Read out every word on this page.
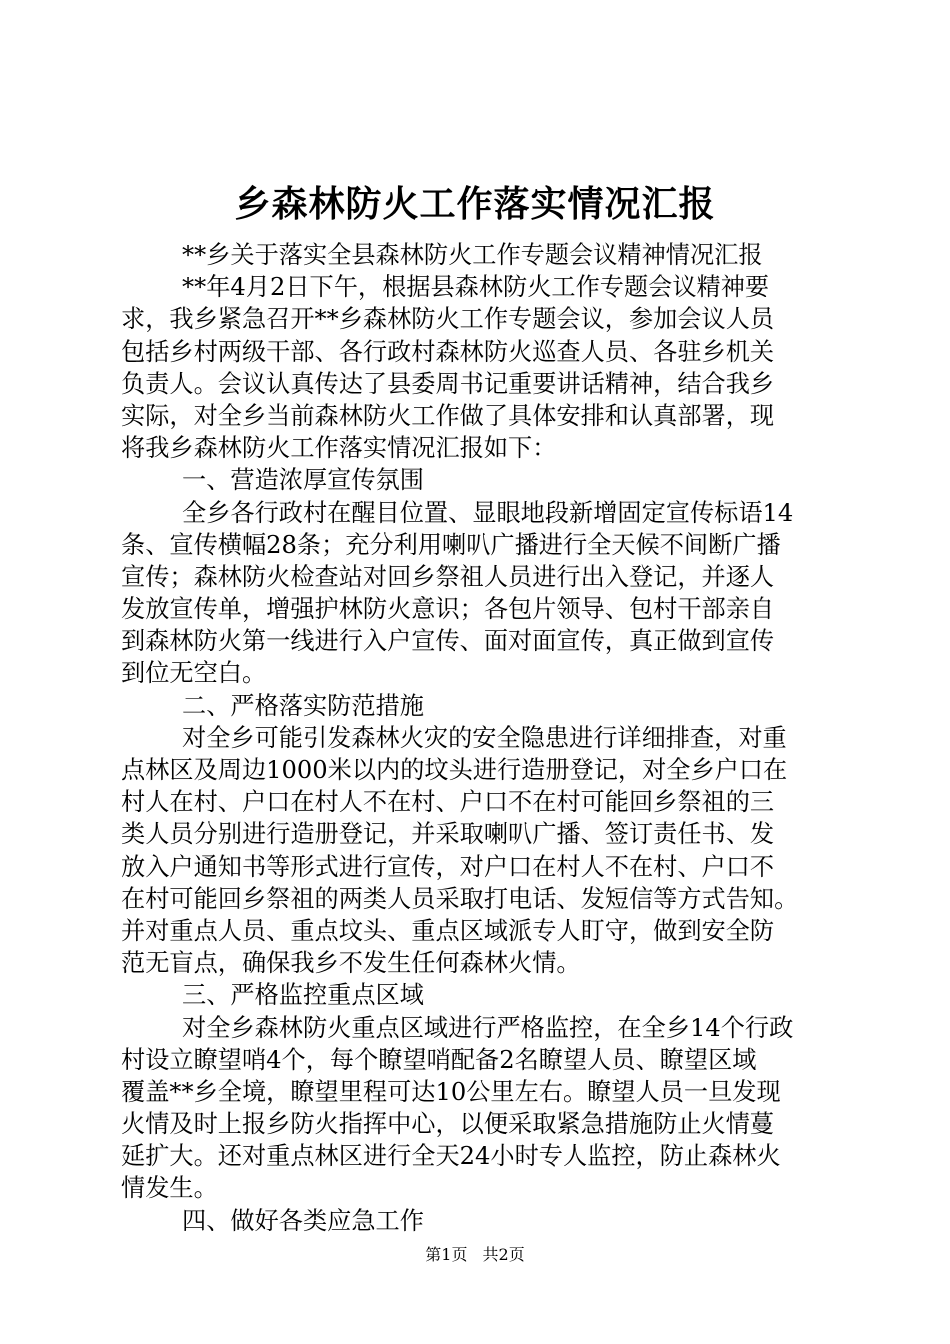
乡森林防火工作落实情况汇报
**乡关于落实全县森林防火工作专题会议精神情况汇报
**年4月2日下午，根据县森林防火工作专题会议精神要
求，我乡紧急召开**乡森林防火工作专题会议，参加会议人员
包括乡村两级干部、各行政村森林防火巡查人员、各驻乡机关
负责人。会议认真传达了县委周书记重要讲话精神，结合我乡
实际，对全乡当前森林防火工作做了具体安排和认真部署，现
将我乡森林防火工作落实情况汇报如下：
一、营造浓厚宣传氛围
全乡各行政村在醒目位置、显眼地段新增固定宣传标语14
条、宣传横幅28条；充分利用喇叭广播进行全天候不间断广播
宣传；森林防火检查站对回乡祭祖人员进行出入登记，并逐人
发放宣传单，增强护林防火意识；各包片领导、包村干部亲自
到森林防火第一线进行入户宣传、面对面宣传，真正做到宣传
到位无空白。
二、严格落实防范措施
对全乡可能引发森林火灾的安全隐患进行详细排查，对重
点林区及周边1000米以内的坟头进行造册登记，对全乡户口在
村人在村、户口在村人不在村、户口不在村可能回乡祭祖的三
类人员分别进行造册登记，并采取喇叭广播、签订责任书、发
放入户通知书等形式进行宣传，对户口在村人不在村、户口不
在村可能回乡祭祖的两类人员采取打电话、发短信等方式告知。
并对重点人员、重点坟头、重点区域派专人盯守，做到安全防
范无盲点，确保我乡不发生任何森林火情。
三、严格监控重点区域
对全乡森林防火重点区域进行严格监控，在全乡14个行政
村设立瞭望哨4个，每个瞭望哨配备2名瞭望人员、瞭望区域
覆盖**乡全境，瞭望里程可达10公里左右。瞭望人员一旦发现
火情及时上报乡防火指挥中心，以便采取紧急措施防止火情蔓
延扩大。还对重点林区进行全天24小时专人监控，防止森林火
情发生。
四、做好各类应急工作
第1页 共2页
